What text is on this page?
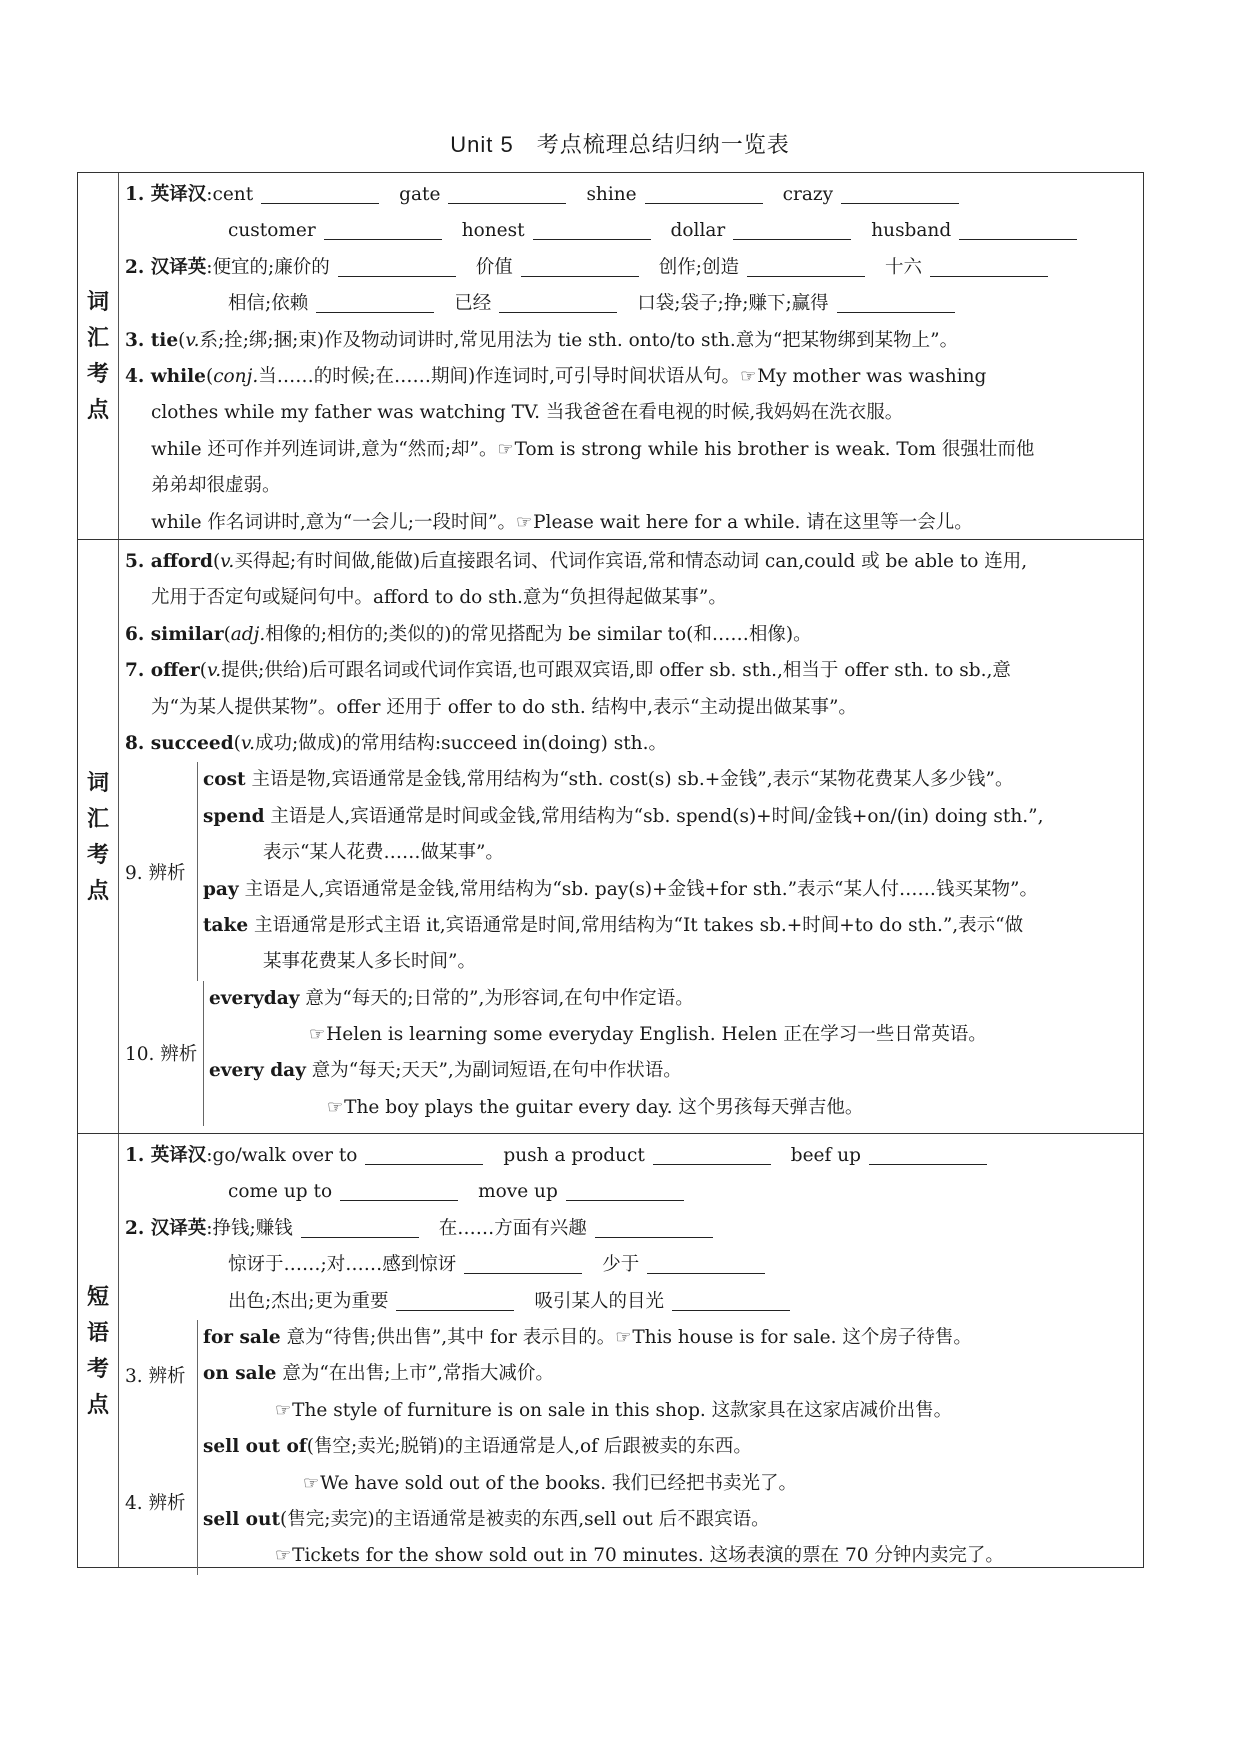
Unit 5　考点梳理总结归纳一览表
词
汇
考
点
1. 英译汉:cent	gate	shine	crazy
customer	honest	dollar	husband
2. 汉译英:便宜的;廉价的	价值	创作;创造	十六
相信;依赖	已经	口袋;袋子;挣;赚下;赢得
3. tie(v.系;拴;绑;捆;束)作及物动词讲时,常见用法为 tie sth. onto/to sth.意为“把某物绑到某物上”。
4. while(conj.当……的时候;在……期间)作连词时,可引导时间状语从句。☞My mother was washing
clothes while my father was watching TV. 当我爸爸在看电视的时候,我妈妈在洗衣服。
while 还可作并列连词讲,意为“然而;却”。☞Tom is strong while his brother is weak. Tom 很强壮而他
弟弟却很虚弱。
while 作名词讲时,意为“一会儿;一段时间”。☞Please wait here for a while. 请在这里等一会儿。
词
汇
考
点
5. afford(v.买得起;有时间做,能做)后直接跟名词、代词作宾语,常和情态动词 can,could 或 be able to 连用,
尤用于否定句或疑问句中。afford to do sth.意为“负担得起做某事”。
6. similar(adj.相像的;相仿的;类似的)的常见搭配为 be similar to(和……相像)。
7. offer(v.提供;供给)后可跟名词或代词作宾语,也可跟双宾语,即 offer sb. sth.,相当于 offer sth. to sb.,意
为“为某人提供某物”。offer 还用于 offer to do sth. 结构中,表示“主动提出做某事”。
8. succeed(v.成功;做成)的常用结构:succeed in(doing) sth.。
9. 辨析
cost 主语是物,宾语通常是金钱,常用结构为“sth. cost(s) sb.+金钱”,表示“某物花费某人多少钱”。
spend 主语是人,宾语通常是时间或金钱,常用结构为“sb. spend(s)+时间/金钱+on/(in) doing sth.”,
表示“某人花费……做某事”。
pay 主语是人,宾语通常是金钱,常用结构为“sb. pay(s)+金钱+for sth.”表示“某人付……钱买某物”。
take 主语通常是形式主语 it,宾语通常是时间,常用结构为“It takes sb.+时间+to do sth.”,表示“做
某事花费某人多长时间”。
10. 辨析
everyday 意为“每天的;日常的”,为形容词,在句中作定语。
☞Helen is learning some everyday English. Helen 正在学习一些日常英语。
every day 意为“每天;天天”,为副词短语,在句中作状语。
☞The boy plays the guitar every day. 这个男孩每天弹吉他。
短
语
考
点
1. 英译汉:go/walk over to	push a product	beef up
come up to	move up
2. 汉译英:挣钱;赚钱	在……方面有兴趣
惊讶于……;对……感到惊讶	少于
出色;杰出;更为重要	吸引某人的目光
3. 辨析
for sale 意为“待售;供出售”,其中 for 表示目的。☞This house is for sale. 这个房子待售。
on sale 意为“在出售;上市”,常指大减价。
☞The style of furniture is on sale in this shop. 这款家具在这家店减价出售。
4. 辨析
sell out of(售空;卖光;脱销)的主语通常是人,of 后跟被卖的东西。
☞We have sold out of the books. 我们已经把书卖光了。
sell out(售完;卖完)的主语通常是被卖的东西,sell out 后不跟宾语。
☞Tickets for the show sold out in 70 minutes. 这场表演的票在 70 分钟内卖完了。
